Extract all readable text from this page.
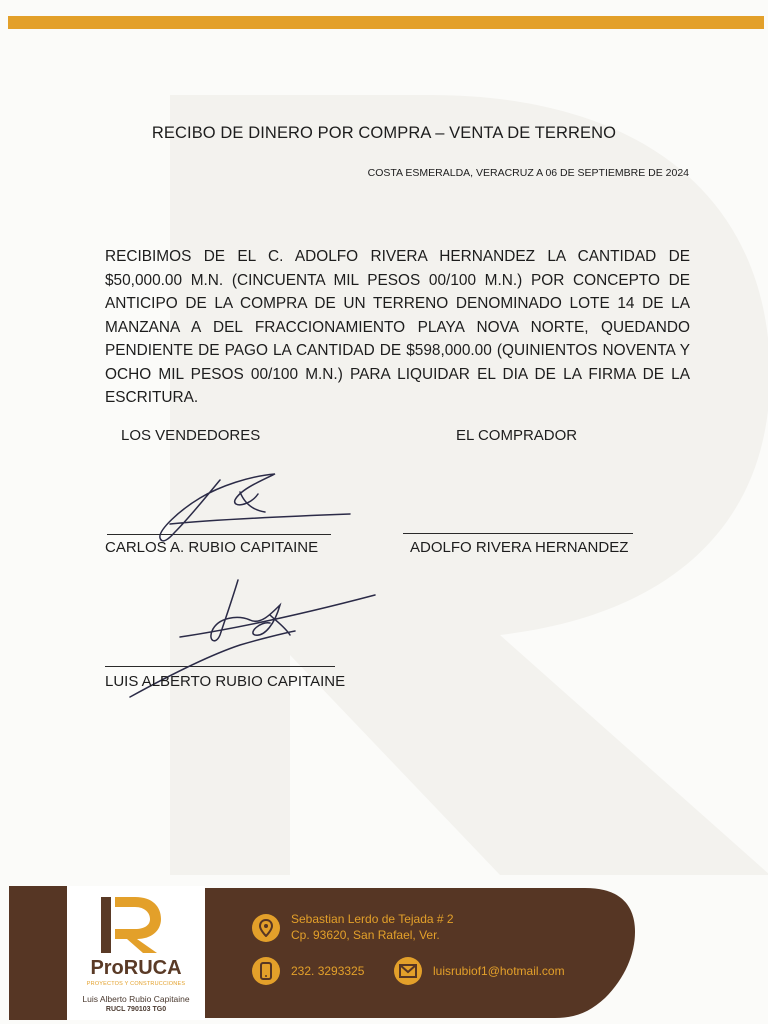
RECIBO DE DINERO POR COMPRA – VENTA DE TERRENO
COSTA ESMERALDA, VERACRUZ A 06 DE SEPTIEMBRE DE 2024
RECIBIMOS DE EL C. ADOLFO RIVERA HERNANDEZ LA CANTIDAD DE $50,000.00 M.N. (CINCUENTA MIL PESOS 00/100 M.N.) POR CONCEPTO DE ANTICIPO DE LA COMPRA DE UN TERRENO DENOMINADO LOTE 14 DE LA MANZANA A DEL FRACCIONAMIENTO PLAYA NOVA NORTE, QUEDANDO PENDIENTE DE PAGO LA CANTIDAD DE $598,000.00 (QUINIENTOS NOVENTA Y OCHO MIL PESOS 00/100 M.N.) PARA LIQUIDAR EL DIA DE LA FIRMA DE LA ESCRITURA.
LOS VENDEDORES	EL COMPRADOR
CARLOS A. RUBIO CAPITAINE	ADOLFO RIVERA HERNANDEZ
LUIS ALBERTO RUBIO CAPITAINE
ProRUCA
PROYECTOS Y CONSTRUCCIONES
Luis Alberto Rubio Capitaine
RUCL 790103 TG0
Sebastian Lerdo de Tejada # 2
Cp. 93620, San Rafael, Ver.
232. 3293325	luisrubiof1@hotmail.com
